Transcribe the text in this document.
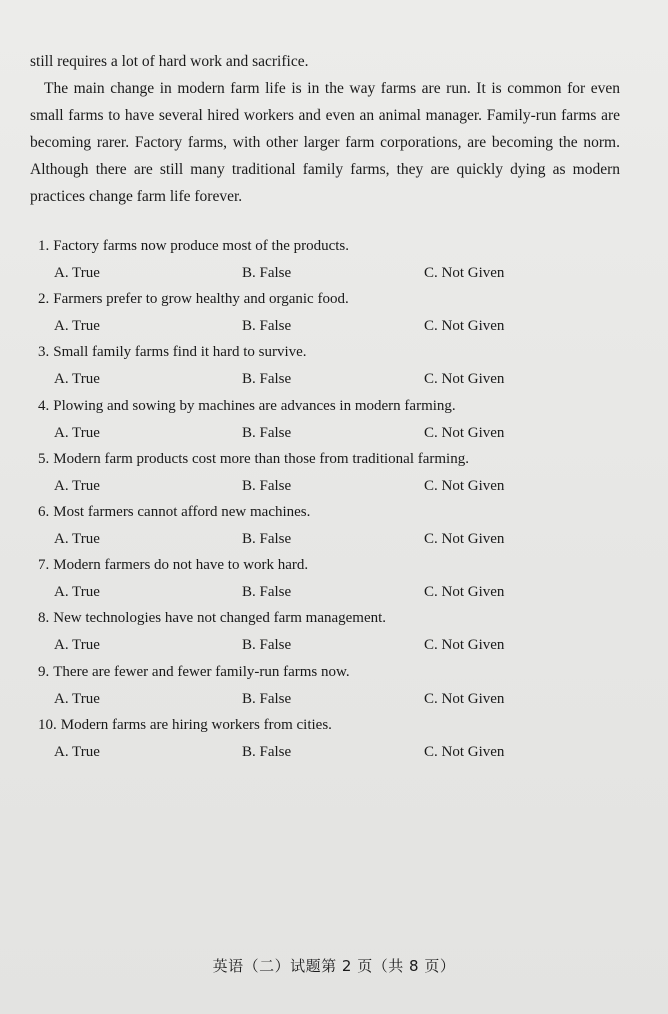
still requires a lot of hard work and sacrifice.

The main change in modern farm life is in the way farms are run. It is common for even small farms to have several hired workers and even an animal manager. Family-run farms are becoming rarer. Factory farms, with other larger farm corporations, are becoming the norm. Although there are still many traditional family farms, they are quickly dying as modern practices change farm life forever.

1. Factory farms now produce most of the products.
A. True	B. False	C. Not Given
2. Farmers prefer to grow healthy and organic food.
A. True	B. False	C. Not Given
3. Small family farms find it hard to survive.
A. True	B. False	C. Not Given
4. Plowing and sowing by machines are advances in modern farming.
A. True	B. False	C. Not Given
5. Modern farm products cost more than those from traditional farming.
A. True	B. False	C. Not Given
6. Most farmers cannot afford new machines.
A. True	B. False	C. Not Given
7. Modern farmers do not have to work hard.
A. True	B. False	C. Not Given
8. New technologies have not changed farm management.
A. True	B. False	C. Not Given
9. There are fewer and fewer family-run farms now.
A. True	B. False	C. Not Given
10. Modern farms are hiring workers from cities.
A. True	B. False	C. Not Given
英语（二）试题第 2 页（共 8 页）
